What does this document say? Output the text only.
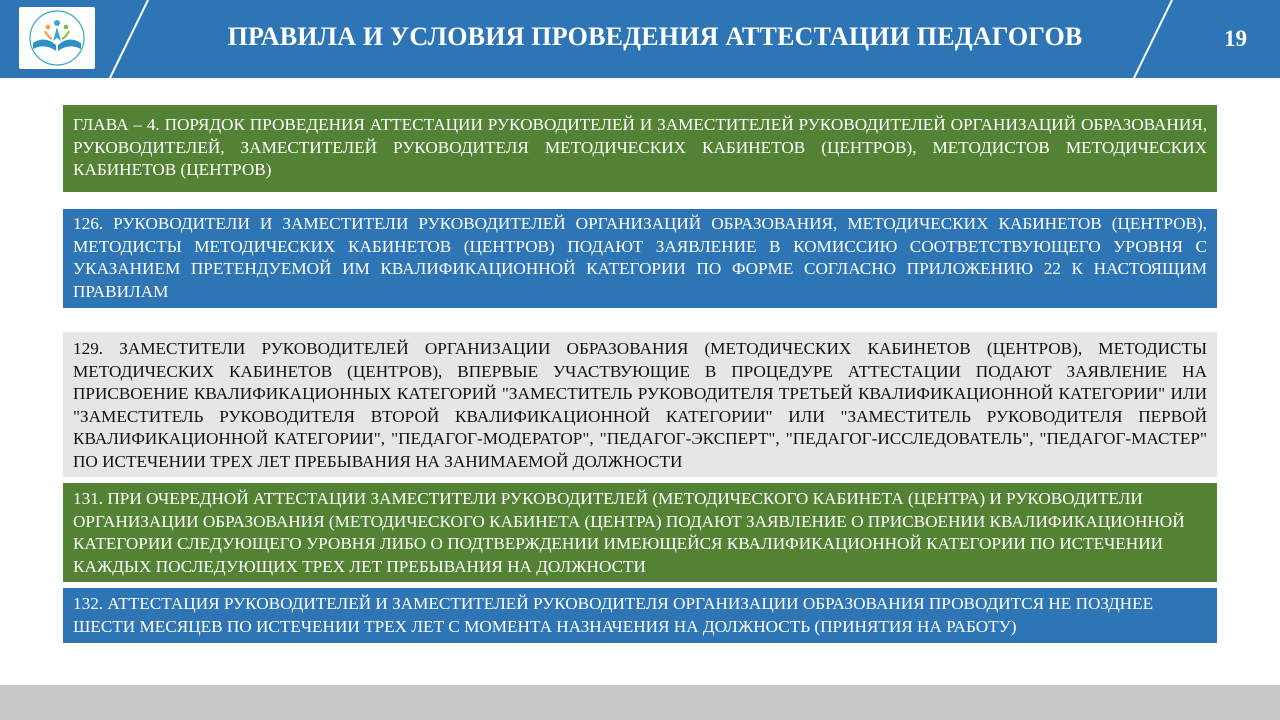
ПРАВИЛА И УСЛОВИЯ ПРОВЕДЕНИЯ АТТЕСТАЦИИ ПЕДАГОГОВ	19
ГЛАВА – 4. ПОРЯДОК ПРОВЕДЕНИЯ АТТЕСТАЦИИ РУКОВОДИТЕЛЕЙ И ЗАМЕСТИТЕЛЕЙ РУКОВОДИТЕЛЕЙ ОРГАНИЗАЦИЙ ОБРАЗОВАНИЯ, РУКОВОДИТЕЛЕЙ, ЗАМЕСТИТЕЛЕЙ РУКОВОДИТЕЛЯ МЕТОДИЧЕСКИХ КАБИНЕТОВ (ЦЕНТРОВ), МЕТОДИСТОВ МЕТОДИЧЕСКИХ КАБИНЕТОВ (ЦЕНТРОВ)
126. РУКОВОДИТЕЛИ И ЗАМЕСТИТЕЛИ РУКОВОДИТЕЛЕЙ ОРГАНИЗАЦИЙ ОБРАЗОВАНИЯ, МЕТОДИЧЕСКИХ КАБИНЕТОВ (ЦЕНТРОВ), МЕТОДИСТЫ МЕТОДИЧЕСКИХ КАБИНЕТОВ (ЦЕНТРОВ) ПОДАЮТ ЗАЯВЛЕНИЕ В КОМИССИЮ СООТВЕТСТВУЮЩЕГО УРОВНЯ С УКАЗАНИЕМ ПРЕТЕНДУЕМОЙ ИМ КВАЛИФИКАЦИОННОЙ КАТЕГОРИИ ПО ФОРМЕ СОГЛАСНО ПРИЛОЖЕНИЮ 22 К НАСТОЯЩИМ ПРАВИЛАМ
129. ЗАМЕСТИТЕЛИ РУКОВОДИТЕЛЕЙ ОРГАНИЗАЦИИ ОБРАЗОВАНИЯ (МЕТОДИЧЕСКИХ КАБИНЕТОВ (ЦЕНТРОВ), МЕТОДИСТЫ МЕТОДИЧЕСКИХ КАБИНЕТОВ (ЦЕНТРОВ), ВПЕРВЫЕ УЧАСТВУЮЩИЕ В ПРОЦЕДУРЕ АТТЕСТАЦИИ ПОДАЮТ ЗАЯВЛЕНИЕ НА ПРИСВОЕНИЕ КВАЛИФИКАЦИОННЫХ КАТЕГОРИЙ "ЗАМЕСТИТЕЛЬ РУКОВОДИТЕЛЯ ТРЕТЬЕЙ КВАЛИФИКАЦИОННОЙ КАТЕГОРИИ" ИЛИ "ЗАМЕСТИТЕЛЬ РУКОВОДИТЕЛЯ ВТОРОЙ КВАЛИФИКАЦИОННОЙ КАТЕГОРИИ" ИЛИ "ЗАМЕСТИТЕЛЬ РУКОВОДИТЕЛЯ ПЕРВОЙ КВАЛИФИКАЦИОННОЙ КАТЕГОРИИ", "ПЕДАГОГ-МОДЕРАТОР", "ПЕДАГОГ-ЭКСПЕРТ", "ПЕДАГОГ-ИССЛЕДОВАТЕЛЬ", "ПЕДАГОГ-МАСТЕР" ПО ИСТЕЧЕНИИ ТРЕХ ЛЕТ ПРЕБЫВАНИЯ НА ЗАНИМАЕМОЙ ДОЛЖНОСТИ
131. ПРИ ОЧЕРЕДНОЙ АТТЕСТАЦИИ ЗАМЕСТИТЕЛИ РУКОВОДИТЕЛЕЙ (МЕТОДИЧЕСКОГО КАБИНЕТА (ЦЕНТРА) И РУКОВОДИТЕЛИ ОРГАНИЗАЦИИ ОБРАЗОВАНИЯ (МЕТОДИЧЕСКОГО КАБИНЕТА (ЦЕНТРА) ПОДАЮТ ЗАЯВЛЕНИЕ О ПРИСВОЕНИИ КВАЛИФИКАЦИОННОЙ КАТЕГОРИИ СЛЕДУЮЩЕГО УРОВНЯ ЛИБО О ПОДТВЕРЖДЕНИИ ИМЕЮЩЕЙСЯ КВАЛИФИКАЦИОННОЙ КАТЕГОРИИ ПО ИСТЕЧЕНИИ КАЖДЫХ ПОСЛЕДУЮЩИХ ТРЕХ ЛЕТ ПРЕБЫВАНИЯ НА ДОЛЖНОСТИ
132. АТТЕСТАЦИЯ РУКОВОДИТЕЛЕЙ И ЗАМЕСТИТЕЛЕЙ РУКОВОДИТЕЛЯ ОРГАНИЗАЦИИ ОБРАЗОВАНИЯ ПРОВОДИТСЯ НЕ ПОЗДНЕЕ ШЕСТИ МЕСЯЦЕВ ПО ИСТЕЧЕНИИ ТРЕХ ЛЕТ С МОМЕНТА НАЗНАЧЕНИЯ НА ДОЛЖНОСТЬ (ПРИНЯТИЯ НА РАБОТУ)
